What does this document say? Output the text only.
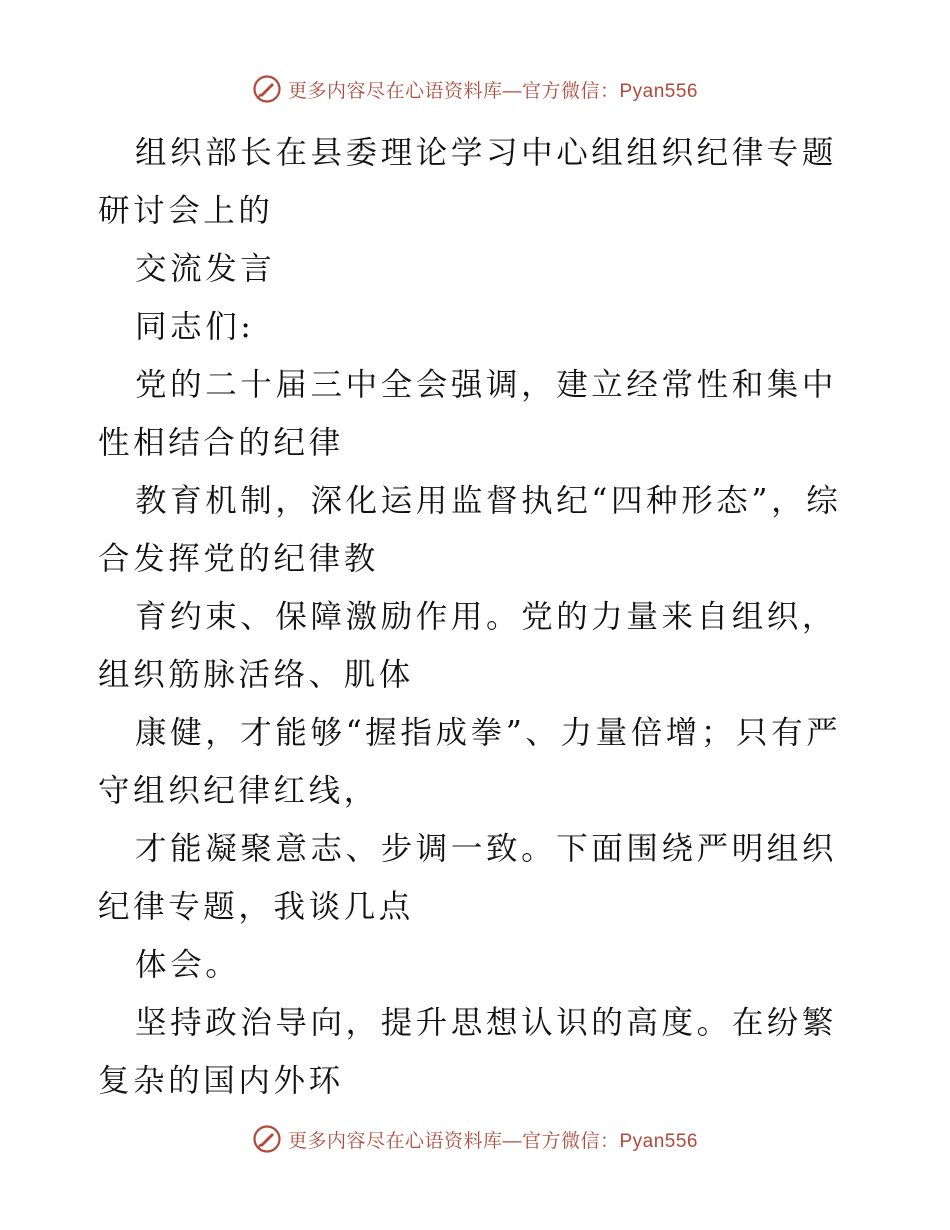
更多内容尽在心语资料库—官方微信：Pyan556

组织部长在县委理论学习中心组组织纪律专题研讨会上的

交流发言

同志们:

党的二十届三中全会强调，建立经常性和集中性相结合的纪律

教育机制，深化运用监督执纪“四种形态”，综合发挥党的纪律教

育约束、保障激励作用。党的力量来自组织，组织筋脉活络、肌体

康健，才能够“握指成拳”、力量倍增；只有严守组织纪律红线，

才能凝聚意志、步调一致。下面围绕严明组织纪律专题，我谈几点

体会。

坚持政治导向，提升思想认识的高度。在纷繁复杂的国内外环

更多内容尽在心语资料库—官方微信：Pyan556
